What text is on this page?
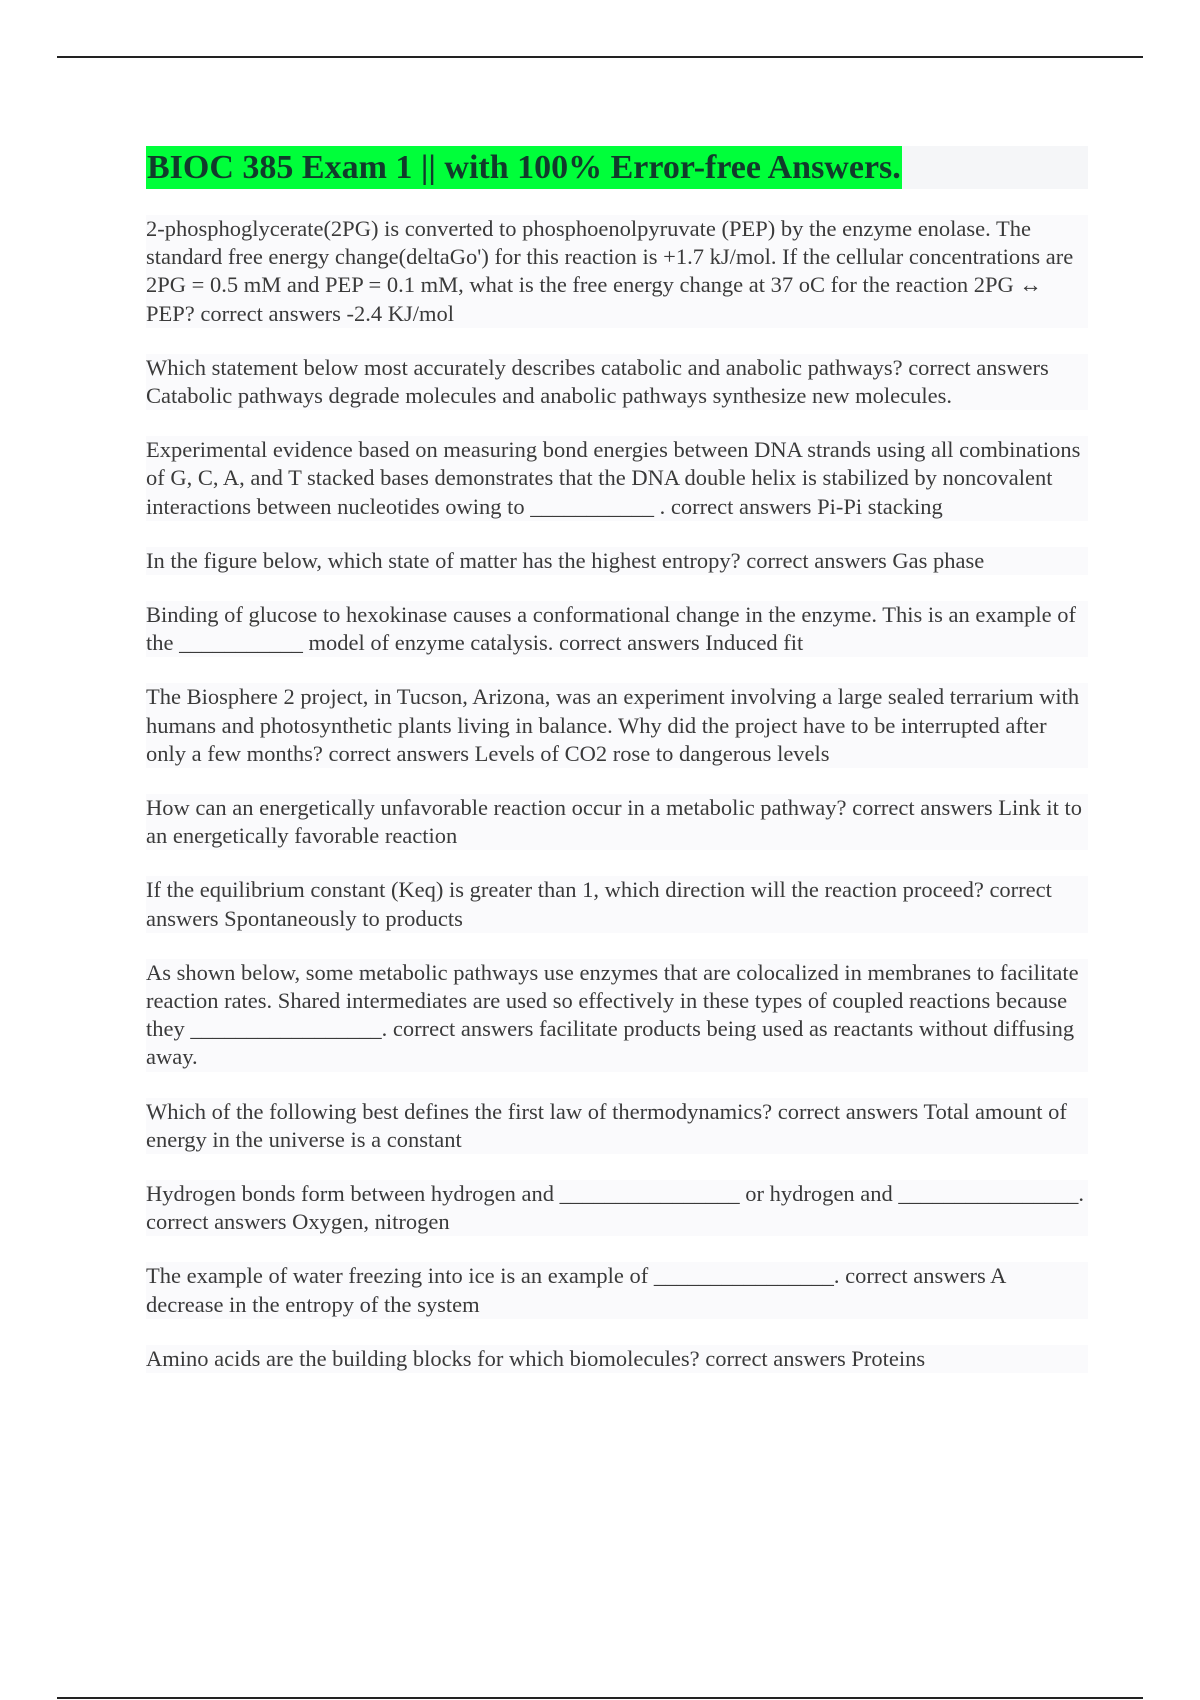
BIOC 385 Exam 1 || with 100% Error-free Answers.

2-phosphoglycerate(2PG) is converted to phosphoenolpyruvate (PEP) by the enzyme enolase. The standard free energy change(deltaGo') for this reaction is +1.7 kJ/mol. If the cellular concentrations are 2PG = 0.5 mM and PEP = 0.1 mM, what is the free energy change at 37 oC for the reaction 2PG ↔ PEP? correct answers -2.4 KJ/mol

Which statement below most accurately describes catabolic and anabolic pathways? correct answers Catabolic pathways degrade molecules and anabolic pathways synthesize new molecules.

Experimental evidence based on measuring bond energies between DNA strands using all combinations of G, C, A, and T stacked bases demonstrates that the DNA double helix is stabilized by noncovalent interactions between nucleotides owing to ___________ . correct answers Pi-Pi stacking

In the figure below, which state of matter has the highest entropy? correct answers Gas phase

Binding of glucose to hexokinase causes a conformational change in the enzyme. This is an example of the ___________ model of enzyme catalysis. correct answers Induced fit

The Biosphere 2 project, in Tucson, Arizona, was an experiment involving a large sealed terrarium with humans and photosynthetic plants living in balance. Why did the project have to be interrupted after only a few months? correct answers Levels of CO2 rose to dangerous levels

How can an energetically unfavorable reaction occur in a metabolic pathway? correct answers Link it to an energetically favorable reaction

If the equilibrium constant (Keq) is greater than 1, which direction will the reaction proceed? correct answers Spontaneously to products

As shown below, some metabolic pathways use enzymes that are colocalized in membranes to facilitate reaction rates. Shared intermediates are used so effectively in these types of coupled reactions because they _________________. correct answers facilitate products being used as reactants without diffusing away.

Which of the following best defines the first law of thermodynamics? correct answers Total amount of energy in the universe is a constant

Hydrogen bonds form between hydrogen and ________________ or hydrogen and ________________. correct answers Oxygen, nitrogen

The example of water freezing into ice is an example of ________________. correct answers A decrease in the entropy of the system

Amino acids are the building blocks for which biomolecules? correct answers Proteins
